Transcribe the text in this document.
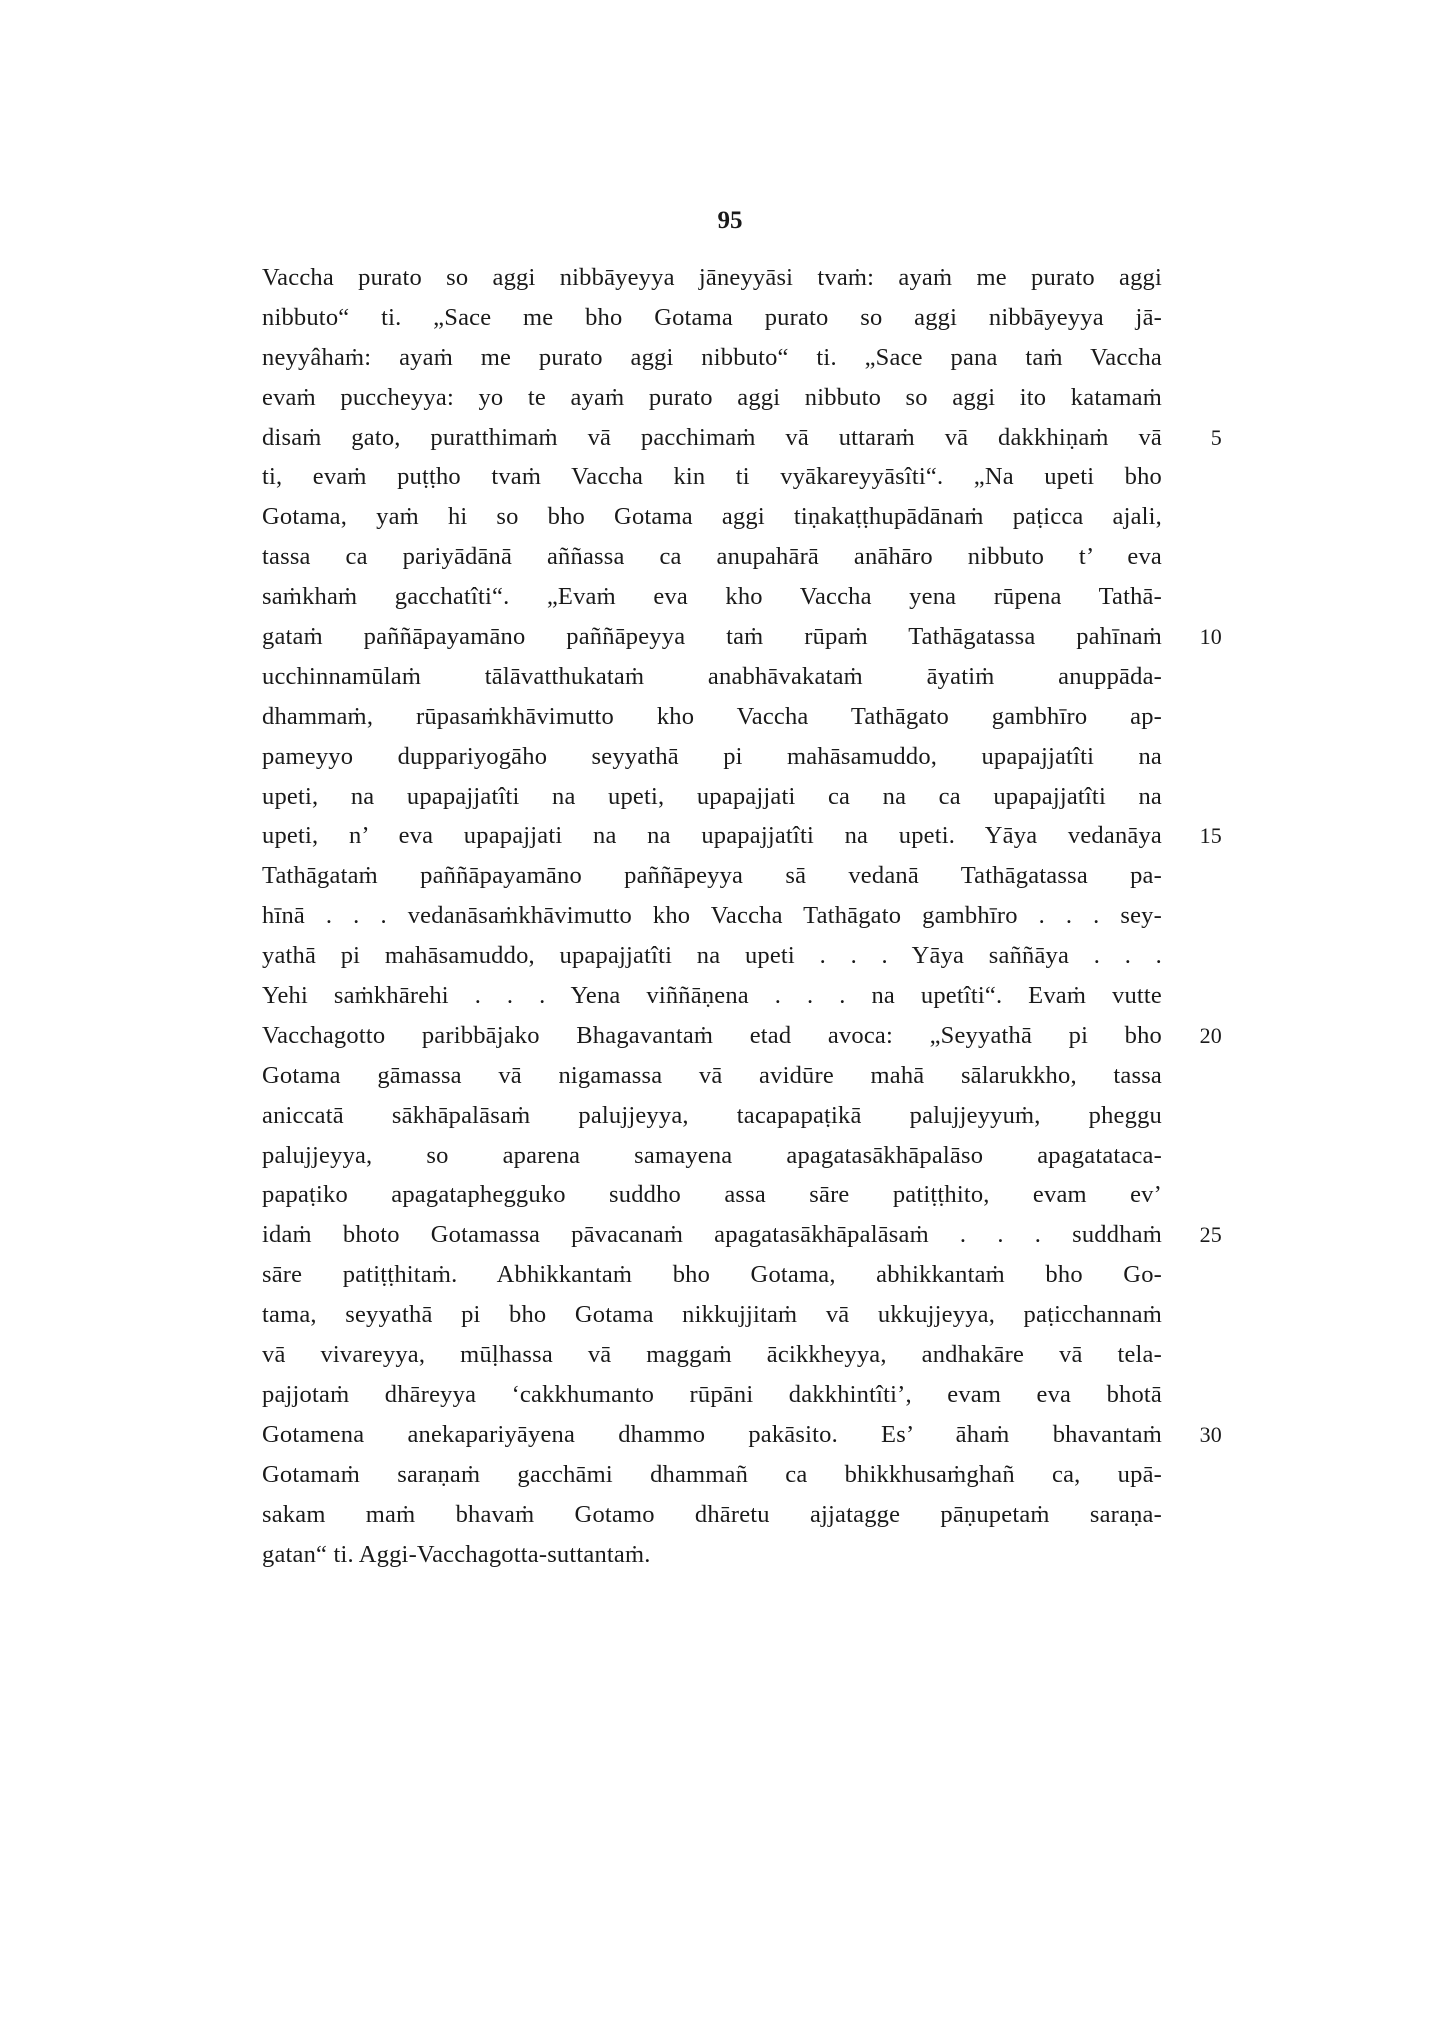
95
Vaccha purato so aggi nibbāyeyya jāneyyāsi tvaṁ: ayaṁ me purato aggi
nibbuto“ ti. „Sace me bho Gotama purato so aggi nibbāyeyya jā-
neyyâhaṁ: ayaṁ me purato aggi nibbuto“ ti. „Sace pana taṁ Vaccha
evaṁ puccheyya: yo te ayaṁ purato aggi nibbuto so aggi ito katamaṁ
disaṁ gato, puratthimaṁ vā pacchimaṁ vā uttaraṁ vā dakkhiṇaṁ vā	5
ti, evaṁ puṭṭho tvaṁ Vaccha kin ti vyākareyyāsîti“. „Na upeti bho
Gotama, yaṁ hi so bho Gotama aggi tiṇakaṭṭhupādānaṁ paṭicca ajali,
tassa ca pariyādānā aññassa ca anupahārā anāhāro nibbuto t’ eva
saṁkhaṁ gacchatîti“. „Evaṁ eva kho Vaccha yena rūpena Tathā-
gataṁ paññāpayamāno paññāpeyya taṁ rūpaṁ Tathāgatassa pahīnaṁ	10
ucchinnamūlaṁ tālāvatthukataṁ anabhāvakataṁ āyatiṁ anuppāda-
dhammaṁ, rūpasaṁkhāvimutto kho Vaccha Tathāgato gambhīro ap-
pameyyo duppariyogāho seyyathā pi mahāsamuddo, upapajjatîti na
upeti, na upapajjatîti na upeti, upapajjati ca na ca upapajjatîti na
upeti, n’ eva upapajjati na na upapajjatîti na upeti. Yāya vedanāya	15
Tathāgataṁ paññāpayamāno paññāpeyya sā vedanā Tathāgatassa pa-
hīnā . . . vedanāsaṁkhāvimutto kho Vaccha Tathāgato gambhīro . . . sey-
yathā pi mahāsamuddo, upapajjatîti na upeti . . . Yāya saññāya . . .
Yehi saṁkhārehi . . . Yena viññāṇena . . . na upetîti“. Evaṁ vutte
Vacchagotto paribbājako Bhagavantaṁ etad avoca: „Seyyathā pi bho	20
Gotama gāmassa vā nigamassa vā avidūre mahā sālarukkho, tassa
aniccatā sākhāpalāsaṁ palujjeyya, tacapapaṭikā palujjeyyuṁ, pheggu
palujjeyya, so aparena samayena apagatasākhāpalāso apagatataca-
papaṭiko apagataphegguko suddho assa sāre patiṭṭhito, evam ev’
idaṁ bhoto Gotamassa pāvacanaṁ apagatasākhāpalāsaṁ . . . suddhaṁ	25
sāre patiṭṭhitaṁ. Abhikkantaṁ bho Gotama, abhikkantaṁ bho Go-
tama, seyyathā pi bho Gotama nikkujjitaṁ vā ukkujjeyya, paṭicchannaṁ
vā vivareyya, mūḷhassa vā maggaṁ ācikkheyya, andhakāre vā tela-
pajjotaṁ dhāreyya ‘cakkhumanto rūpāni dakkhintîti’, evam eva bhotā
Gotamena anekapariyāyena dhammo pakāsito. Es’ āhaṁ bhavantaṁ	30
Gotamaṁ saraṇaṁ gacchāmi dhammañ ca bhikkhusaṁghañ ca, upā-
sakam maṁ bhavaṁ Gotamo dhāretu ajjatagge pāṇupetaṁ saraṇa-
gatan“ ti. Aggi-Vacchagotta-suttantaṁ.
